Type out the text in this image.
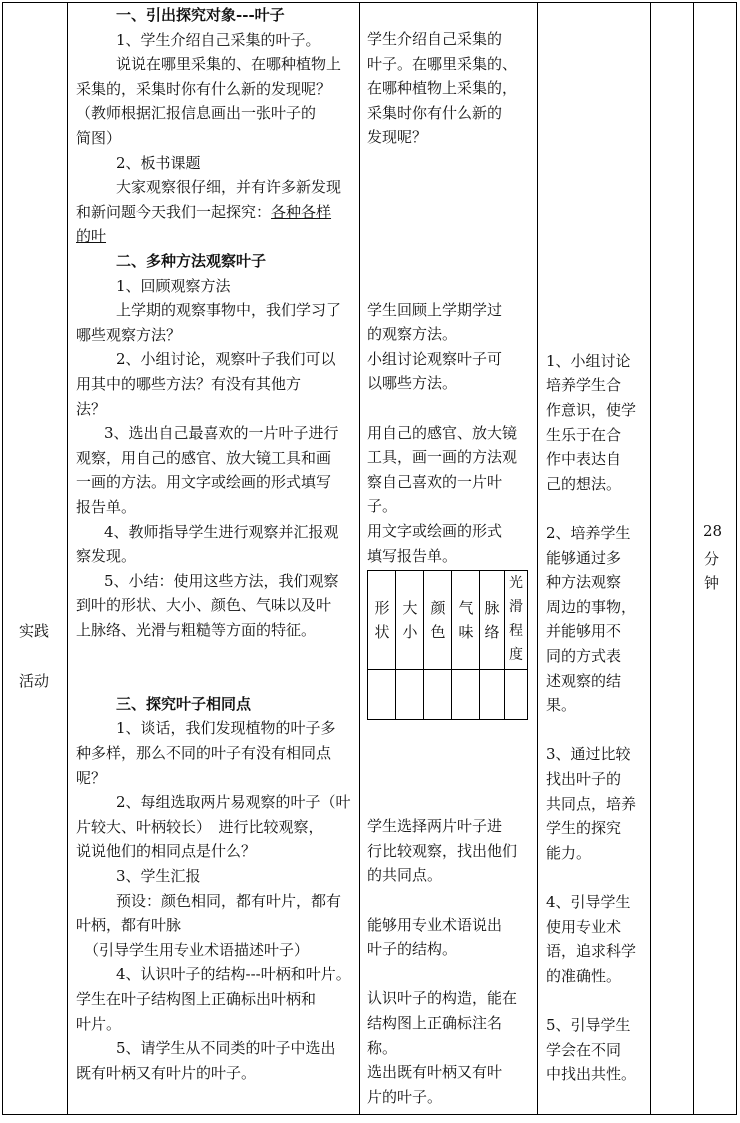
实践
活动
28
分
钟
一、引出探究对象---叶子
1、学生介绍自己采集的叶子。
说说在哪里采集的、在哪种植物上
采集的，采集时你有什么新的发现呢？
（教师根据汇报信息画出一张叶子的
简图）
2、板书课题
大家观察很仔细，并有许多新发现
和新问题今天我们一起探究：各种各样
的叶
二、多种方法观察叶子
1、回顾观察方法
上学期的观察事物中，我们学习了
哪些观察方法？
2、小组讨论，观察叶子我们可以
用其中的哪些方法？有没有其他方
法？
3、选出自己最喜欢的一片叶子进行
观察，用自己的感官、放大镜工具和画
一画的方法。用文字或绘画的形式填写
报告单。
4、教师指导学生进行观察并汇报观
察发现。
5、小结：使用这些方法，我们观察
到叶的形状、大小、颜色、气味以及叶
上脉络、光滑与粗糙等方面的特征。
三、探究叶子相同点
1、谈话，我们发现植物的叶子多
种多样，那么不同的叶子有没有相同点
呢？
2、每组选取两片易观察的叶子（叶
片较大、叶柄较长）　进行比较观察，
说说他们的相同点是什么？
3、学生汇报
预设：颜色相同，都有叶片，都有
叶柄，都有叶脉
（引导学生用专业术语描述叶子）
4、认识叶子的结构---叶柄和叶片。
学生在叶子结构图上正确标出叶柄和
叶片。
5、请学生从不同类的叶子中选出
既有叶柄又有叶片的叶子。
学生介绍自己采集的
叶子。在哪里采集的、
在哪种植物上采集的，
采集时你有什么新的
发现呢？
学生回顾上学期学过
的观察方法。
小组讨论观察叶子可
以哪些方法。
用自己的感官、放大镜
工具，画一画的方法观
察自己喜欢的一片叶
子。
用文字或绘画的形式
填写报告单。
学生选择两片叶子进
行比较观察，找出他们
的共同点。
能够用专业术语说出
叶子的结构。
认识叶子的构造，能在
结构图上正确标注名
称。
选出既有叶柄又有叶
片的叶子。
形状
大小
颜色
气味
脉络
光滑程度
1、小组讨论
培养学生合
作意识，使学
生乐于在合
作中表达自
己的想法。
2、培养学生
能够通过多
种方法观察
周边的事物，
并能够用不
同的方式表
述观察的结
果。
3、通过比较
找出叶子的
共同点，培养
学生的探究
能力。
4、引导学生
使用专业术
语，追求科学
的准确性。
5、引导学生
学会在不同
中找出共性。
